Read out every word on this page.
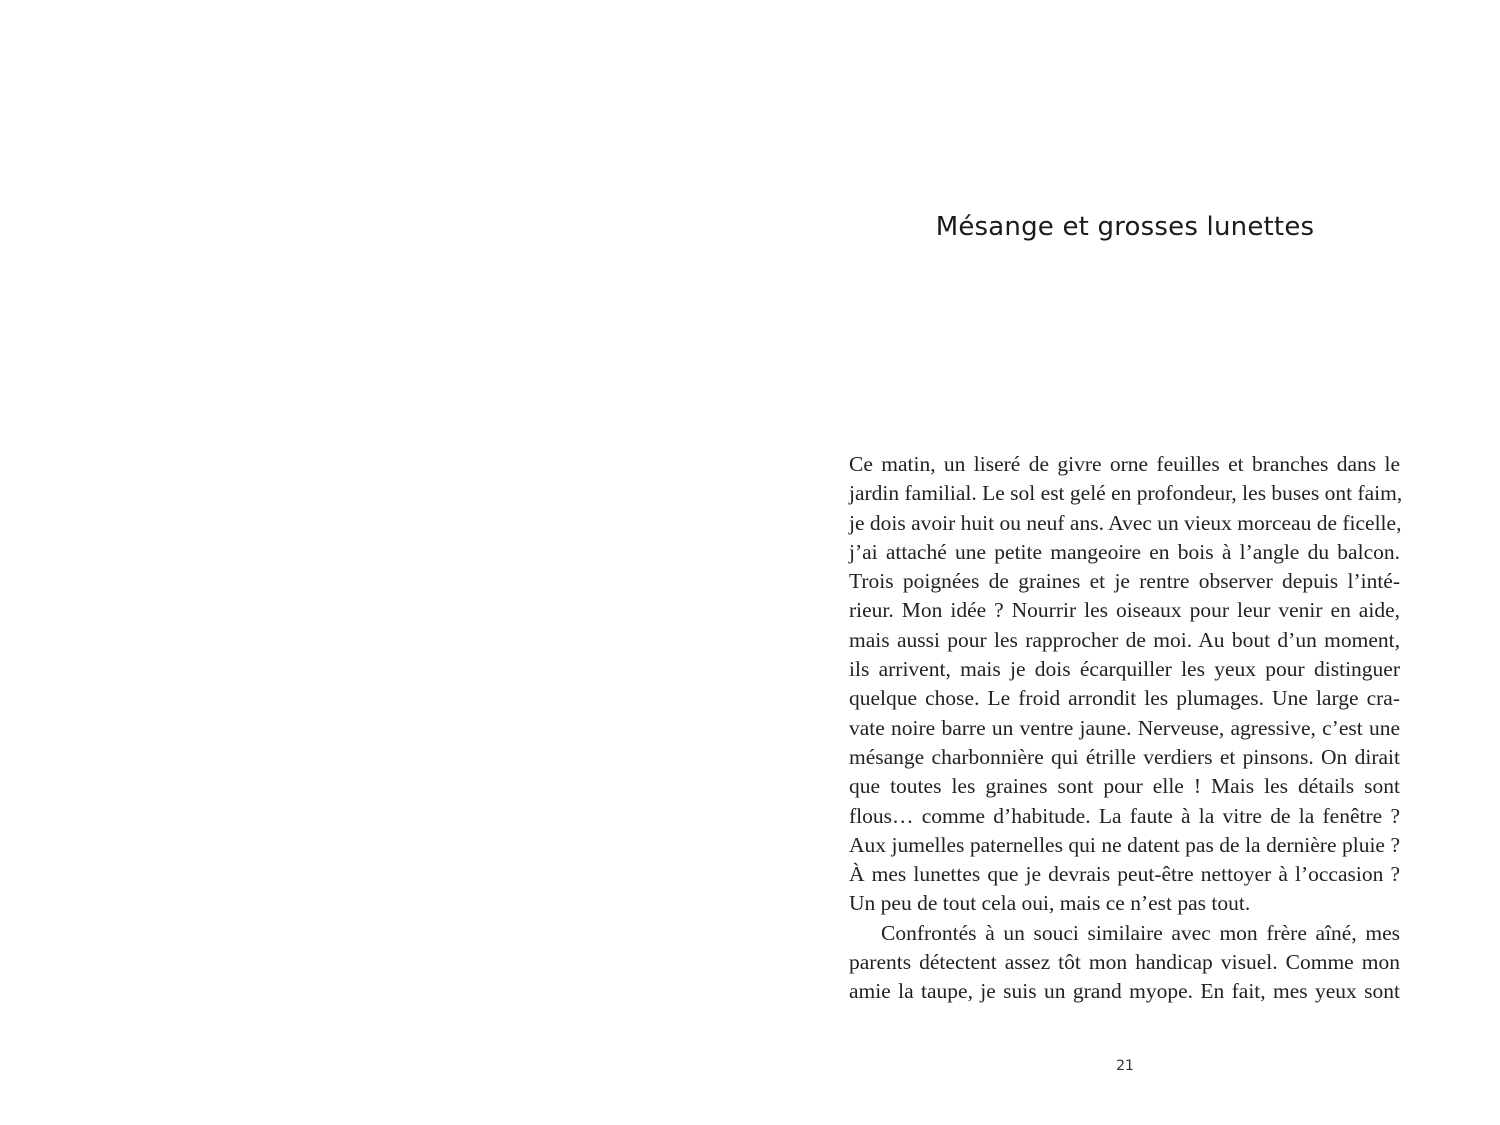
Mésange et grosses lunettes
Ce matin, un liseré de givre orne feuilles et branches dans le
jardin familial. Le sol est gelé en profondeur, les buses ont faim,
je dois avoir huit ou neuf ans. Avec un vieux morceau de ficelle,
j’ai attaché une petite mangeoire en bois à l’angle du balcon.
Trois poignées de graines et je rentre observer depuis l’inté-
rieur. Mon idée ? Nourrir les oiseaux pour leur venir en aide,
mais aussi pour les rapprocher de moi. Au bout d’un moment,
ils arrivent, mais je dois écarquiller les yeux pour distinguer
quelque chose. Le froid arrondit les plumages. Une large cra-
vate noire barre un ventre jaune. Nerveuse, agressive, c’est une
mésange charbonnière qui étrille verdiers et pinsons. On dirait
que toutes les graines sont pour elle ! Mais les détails sont
flous… comme d’habitude. La faute à la vitre de la fenêtre ?
Aux jumelles paternelles qui ne datent pas de la dernière pluie ?
À mes lunettes que je devrais peut-être nettoyer à l’occasion ?
Un peu de tout cela oui, mais ce n’est pas tout.
Confrontés à un souci similaire avec mon frère aîné, mes
parents détectent assez tôt mon handicap visuel. Comme mon
amie la taupe, je suis un grand myope. En fait, mes yeux sont
21
